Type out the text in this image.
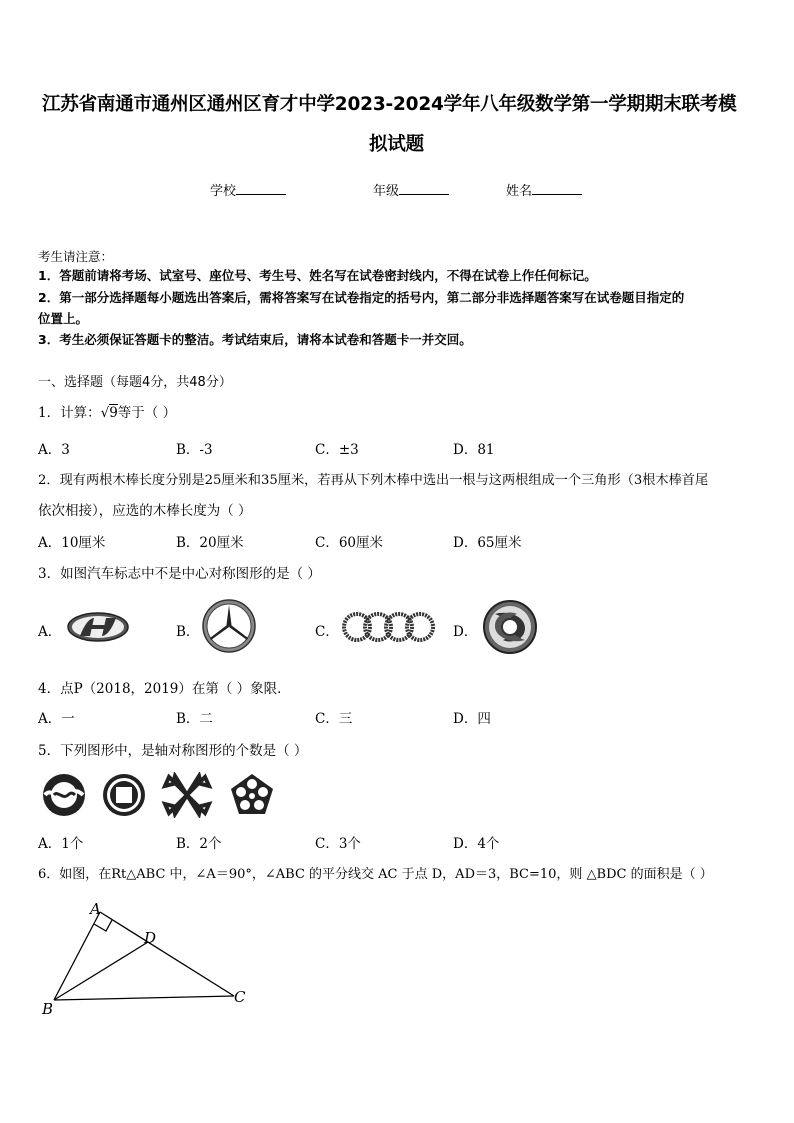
江苏省南通市通州区通州区育才中学2023-2024学年八年级数学第一学期期末联考模
拟试题
学校	年级	姓名
考生请注意：
1．答题前请将考场、试室号、座位号、考生号、姓名写在试卷密封线内，不得在试卷上作任何标记。
2．第一部分选择题每小题选出答案后，需将答案写在试卷指定的括号内，第二部分非选择题答案写在试卷题目指定的
位置上。
3．考生必须保证答题卡的整洁。考试结束后，请将本试卷和答题卡一并交回。
一、选择题（每题4分，共48分）
1．计算：√9等于（ ）
A．3	B．-3	C．±3	D．81
2．现有两根木棒长度分别是25厘米和35厘米，若再从下列木棒中选出一根与这两根组成一个三角形（3根木棒首尾
依次相接），应选的木棒长度为（ ）
A．10厘米	B．20厘米	C．60厘米	D．65厘米
3．如图汽车标志中不是中心对称图形的是（ ）
A．	B．	C．	D．
4．点P（2018，2019）在第（ ）象限．
A．一	B．二	C．三	D．四
5．下列图形中，是轴对称图形的个数是（ ）
A．1个	B．2个	C．3个	D．4个
6．如图，在Rt△ABC 中，∠A＝90°，∠ABC 的平分线交 AC 于点 D，AD＝3，BC=10，则 △BDC 的面积是（ ）
A
D
B
C
